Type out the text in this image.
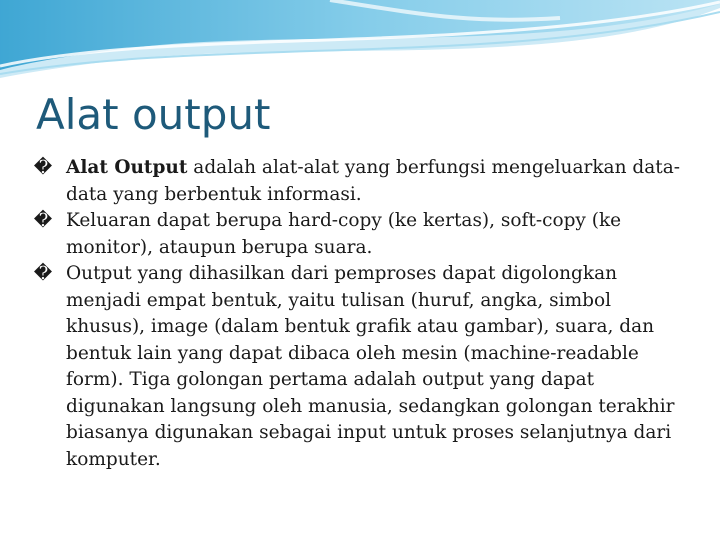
Alat output
� Alat Output adalah alat-alat yang berfungsi mengeluarkan data-data yang berbentuk informasi.
� Keluaran dapat berupa hard-copy (ke kertas), soft-copy (ke monitor), ataupun berupa suara.
� Output yang dihasilkan dari pemproses dapat digolongkan menjadi empat bentuk, yaitu tulisan (huruf, angka, simbol khusus), image (dalam bentuk grafik atau gambar), suara, dan bentuk lain yang dapat dibaca oleh mesin (machine-readable form). Tiga golongan pertama adalah output yang dapat digunakan langsung oleh manusia, sedangkan golongan terakhir biasanya digunakan sebagai input untuk proses selanjutnya dari komputer.
